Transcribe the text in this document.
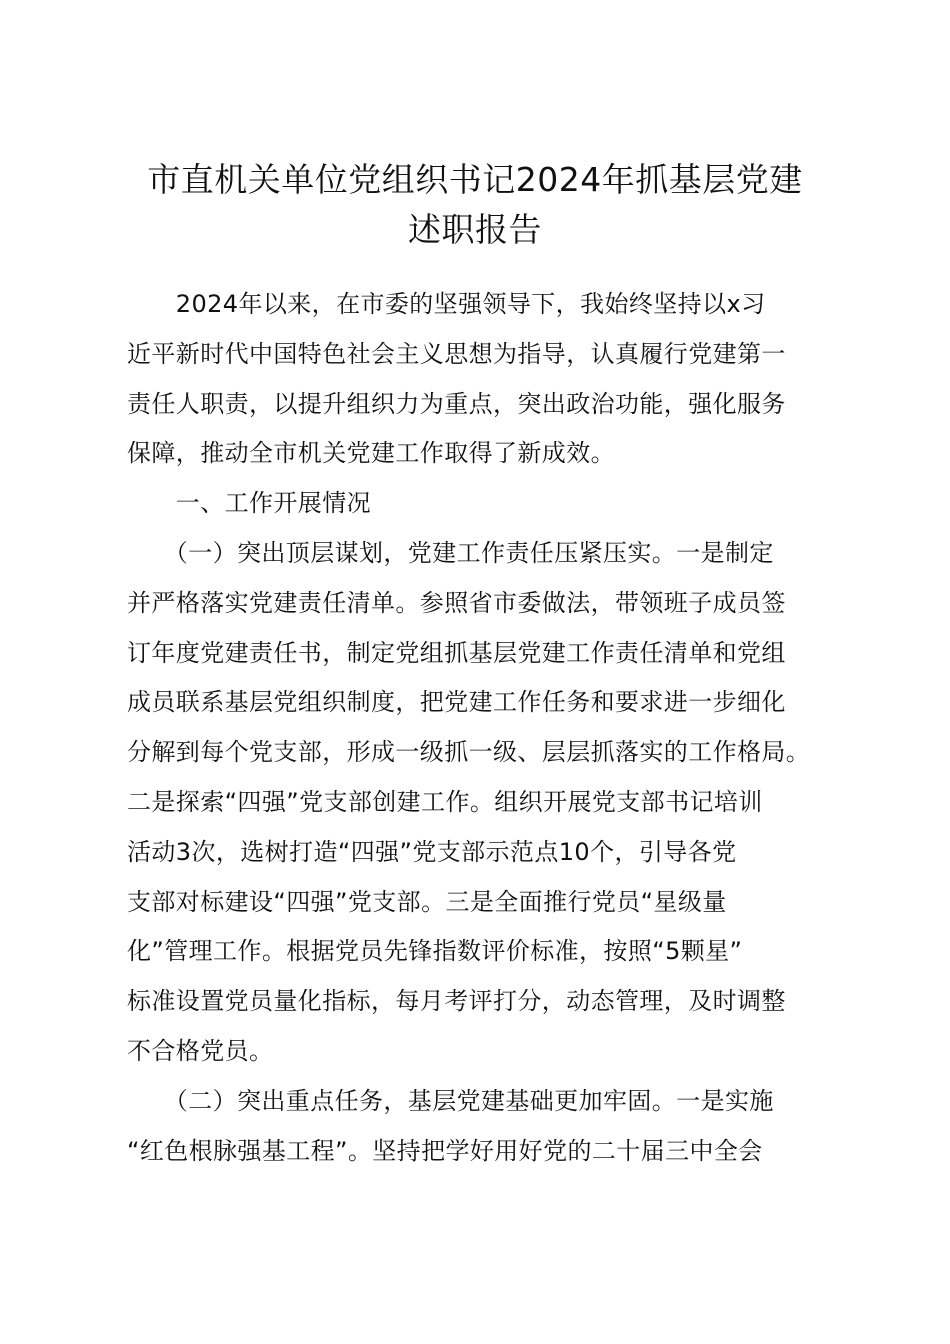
市直机关单位党组织书记2024年抓基层党建
述职报告
　　2024年以来，在市委的坚强领导下，我始终坚持以x习
近平新时代中国特色社会主义思想为指导，认真履行党建第一
责任人职责，以提升组织力为重点，突出政治功能，强化服务
保障，推动全市机关党建工作取得了新成效。
　　一、工作开展情况
　　（一）突出顶层谋划，党建工作责任压紧压实。一是制定
并严格落实党建责任清单。参照省市委做法，带领班子成员签
订年度党建责任书，制定党组抓基层党建工作责任清单和党组
成员联系基层党组织制度，把党建工作任务和要求进一步细化
分解到每个党支部，形成一级抓一级、层层抓落实的工作格局。
二是探索“四强”党支部创建工作。组织开展党支部书记培训
活动3次，选树打造“四强”党支部示范点10个，引导各党
支部对标建设“四强”党支部。三是全面推行党员“星级量
化”管理工作。根据党员先锋指数评价标准，按照“5颗星”
标准设置党员量化指标，每月考评打分，动态管理，及时调整
不合格党员。
　　（二）突出重点任务，基层党建基础更加牢固。一是实施
“红色根脉强基工程”。坚持把学好用好党的二十届三中全会
